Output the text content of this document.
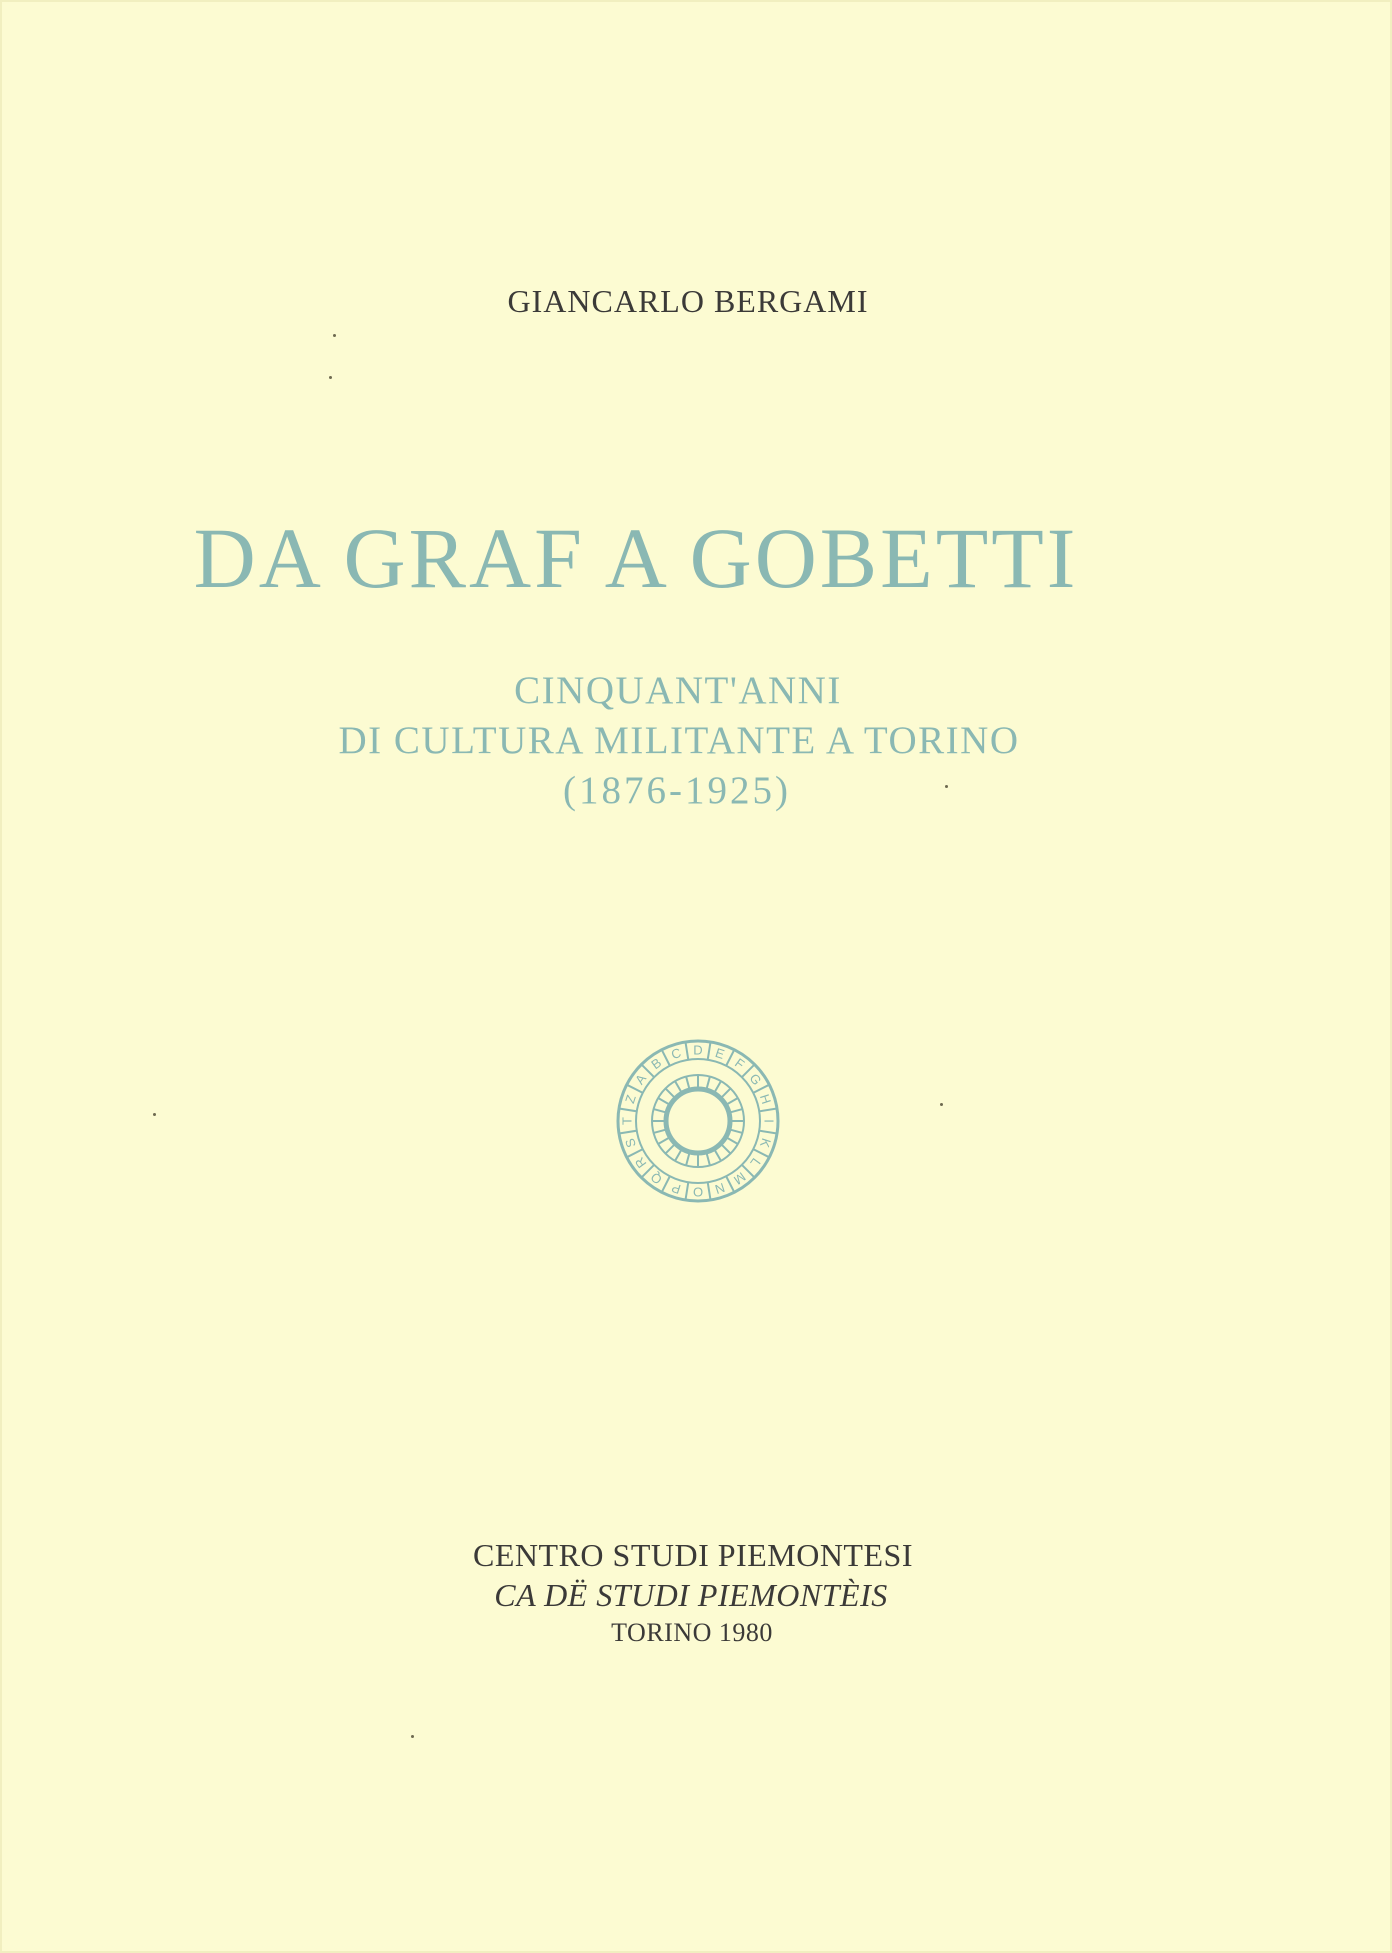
GIANCARLO BERGAMI
DA GRAF A GOBETTI

CINQUANT'ANNI

DI CULTURA MILITANTE A TORINO

(1876-1925)

A
B
C D E
F
G
H
I
K
L
M
N
O
P
Q
R
S
T
Z

CENTRO STUDI PIEMONTESI

CA DË STUDI PIEMONTÈIS

TORINO 1980
